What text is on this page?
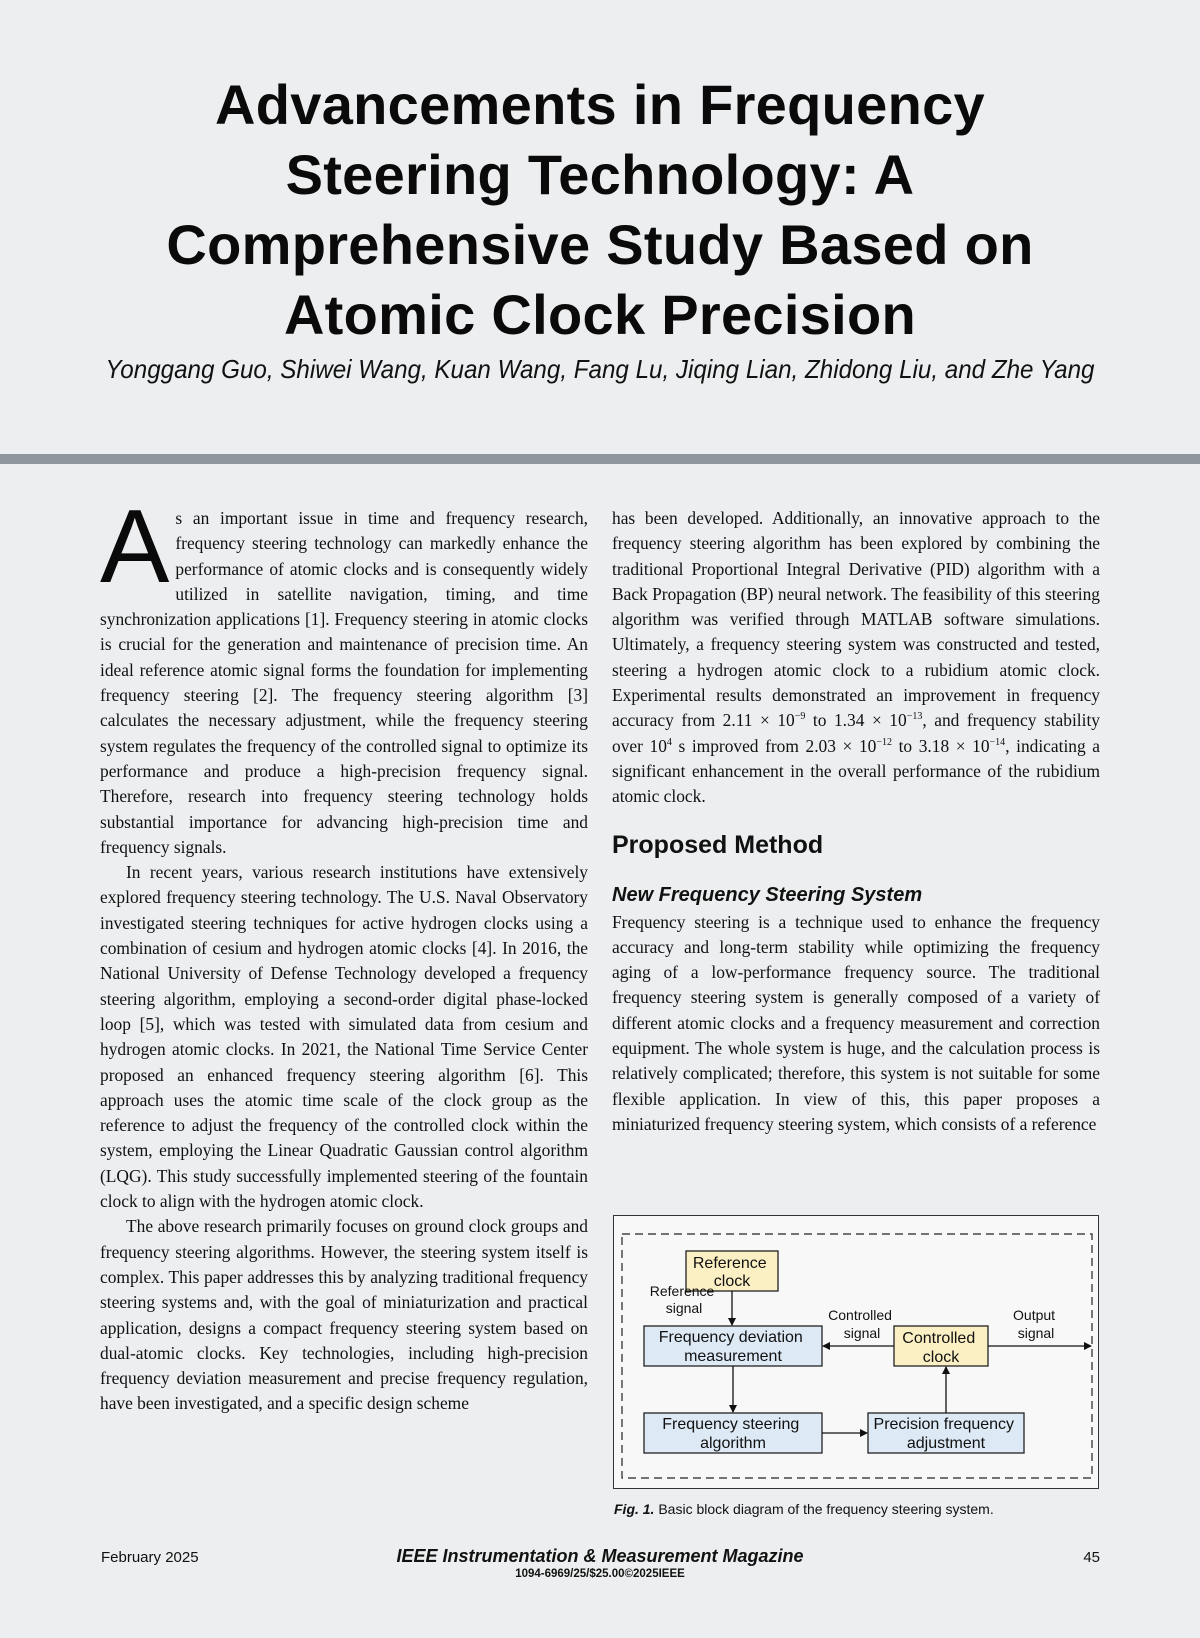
Advancements in Frequency
Steering Technology: A
Comprehensive Study Based on
Atomic Clock Precision
Yonggang Guo, Shiwei Wang, Kuan Wang, Fang Lu, Jiqing Lian, Zhidong Liu, and Zhe Yang

As an important issue in time and frequency research, frequency steering technology can markedly enhance the performance of atomic clocks and is consequently widely utilized in satellite navigation, timing, and time synchronization applications [1]. Frequency steering in atomic clocks is crucial for the generation and maintenance of precision time. An ideal reference atomic signal forms the foundation for implementing frequency steering [2]. The frequency steering algorithm [3] calculates the necessary adjustment, while the frequency steering system regulates the frequency of the controlled signal to optimize its performance and produce a high-precision frequency signal. Therefore, research into frequency steering technology holds substantial importance for advancing high-precision time and frequency signals.

In recent years, various research institutions have extensively explored frequency steering technology. The U.S. Naval Observatory investigated steering techniques for active hydrogen clocks using a combination of cesium and hydrogen atomic clocks [4]. In 2016, the National University of Defense Technology developed a frequency steering algorithm, employing a second-order digital phase-locked loop [5], which was tested with simulated data from cesium and hydrogen atomic clocks. In 2021, the National Time Service Center proposed an enhanced frequency steering algorithm [6]. This approach uses the atomic time scale of the clock group as the reference to adjust the frequency of the controlled clock within the system, employing the Linear Quadratic Gaussian control algorithm (LQG). This study successfully implemented steering of the fountain clock to align with the hydrogen atomic clock.

The above research primarily focuses on ground clock groups and frequency steering algorithms. However, the steering system itself is complex. This paper addresses this by analyzing traditional frequency steering systems and, with the goal of miniaturization and practical application, designs a compact frequency steering system based on dual-atomic clocks. Key technologies, including high-precision frequency deviation measurement and precise frequency regulation, have been investigated, and a specific design scheme

has been developed. Additionally, an innovative approach to the frequency steering algorithm has been explored by combining the traditional Proportional Integral Derivative (PID) algorithm with a Back Propagation (BP) neural network. The feasibility of this steering algorithm was verified through MATLAB software simulations. Ultimately, a frequency steering system was constructed and tested, steering a hydrogen atomic clock to a rubidium atomic clock. Experimental results demonstrated an improvement in frequency accuracy from $2.11 \times 10^{-9}$ to $1.34 \times 10^{-13}$, and frequency stability over $10^4$ s improved from $2.03 \times 10^{-12}$ to $3.18 \times 10^{-14}$, indicating a significant enhancement in the overall performance of the rubidium atomic clock.

Proposed Method
New Frequency Steering System

Frequency steering is a technique used to enhance the frequency accuracy and long-term stability while optimizing the frequency aging of a low-performance frequency source. The traditional frequency steering system is generally composed of a variety of different atomic clocks and a frequency measurement and correction equipment. The whole system is huge, and the calculation process is relatively complicated; therefore, this system is not suitable for some flexible application. In view of this, this paper proposes a miniaturized frequency steering system, which consists of a reference

Reference clock
Frequency deviation measurement
Controlled clock
Frequency steering algorithm
Precision frequency adjustment
Reference signal	Controlled signal
Output signal
Fig. 1. Basic block diagram of the frequency steering system.
February 2025	IEEE Instrumentation & Measurement Magazine
1094-6969/25/$25.00©2025IEEE
45
